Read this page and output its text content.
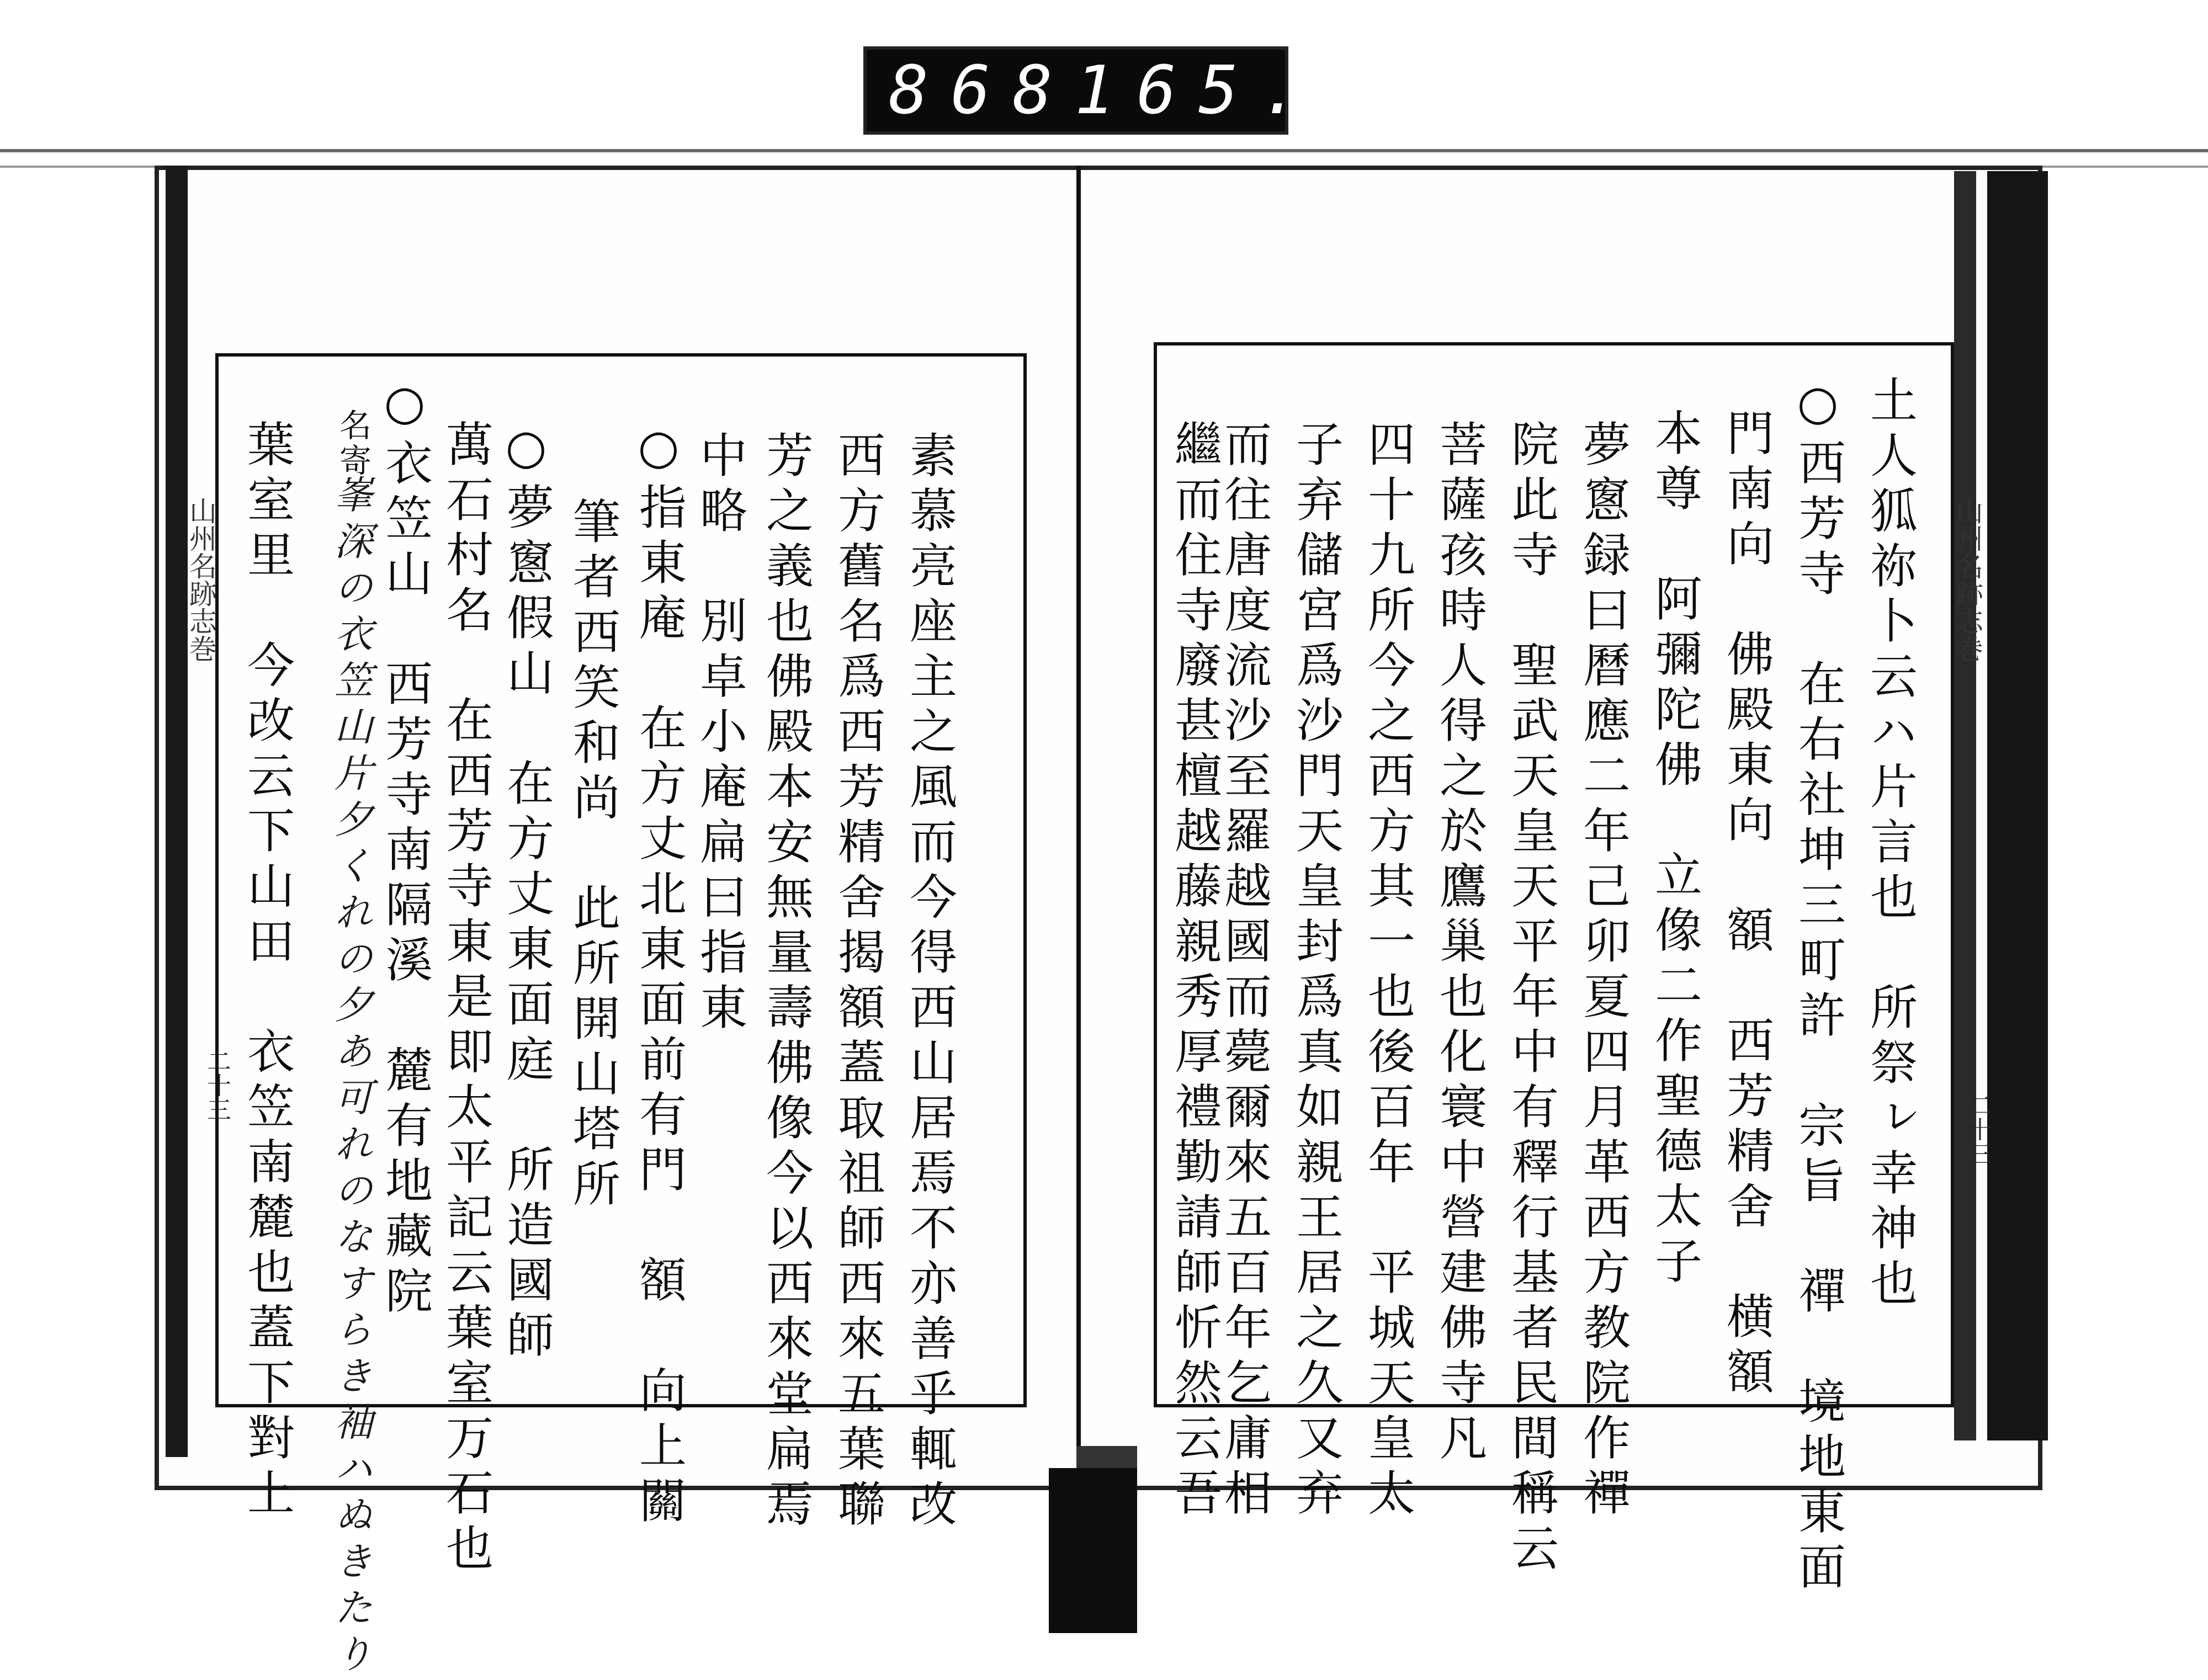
868 165.
山州名跡志巻
二十三
山州名跡志巻
二十三
土人狐祢卜云ハ片言也　所祭ㇾ幸神也
○西芳寺　在右社坤三町許　宗旨　禪　境地東面
門南向　佛殿東向　額　西芳精舍　横額
本尊　阿彌陀佛　立像二作聖德太子
夢窻録曰曆應二年己卯夏四月革西方教院作禪
院此寺　聖武天皇天平年中有釋行基者民間稱云
菩薩孩時人得之於鷹巢也化寰中營建佛寺凡
四十九所今之西方其一也後百年　平城天皇太
子弃儲宮爲沙門天皇封爲真如親王居之久又弃
而往唐度流沙至羅越國而薨爾來五百年乞庸相
繼而住寺廢甚檀越藤親秀厚禮勤請師忻然云吾
素慕亮座主之風而今得西山居焉不亦善乎輒改
西方舊名爲西芳精舍揭額蓋取祖師西來五葉聯
芳之義也佛殿本安無量壽佛像今以西來堂扁焉
中略　別卓小庵扁曰指東
○指東庵　在方丈北東面前有門　額　向上關
筆者西笑和尚　此所開山塔所
○夢窻假山　在方丈東面庭　所造國師
萬石村名　在西芳寺東是即太平記云葉室万石也
○衣笠山　西芳寺南隔溪　麓有地藏院
名寄
峯深の衣笠山片夕くれの夕あ可れのなすらき袖ハぬきたり
葉室里　今改云下山田　衣笠南麓也蓋下對上
